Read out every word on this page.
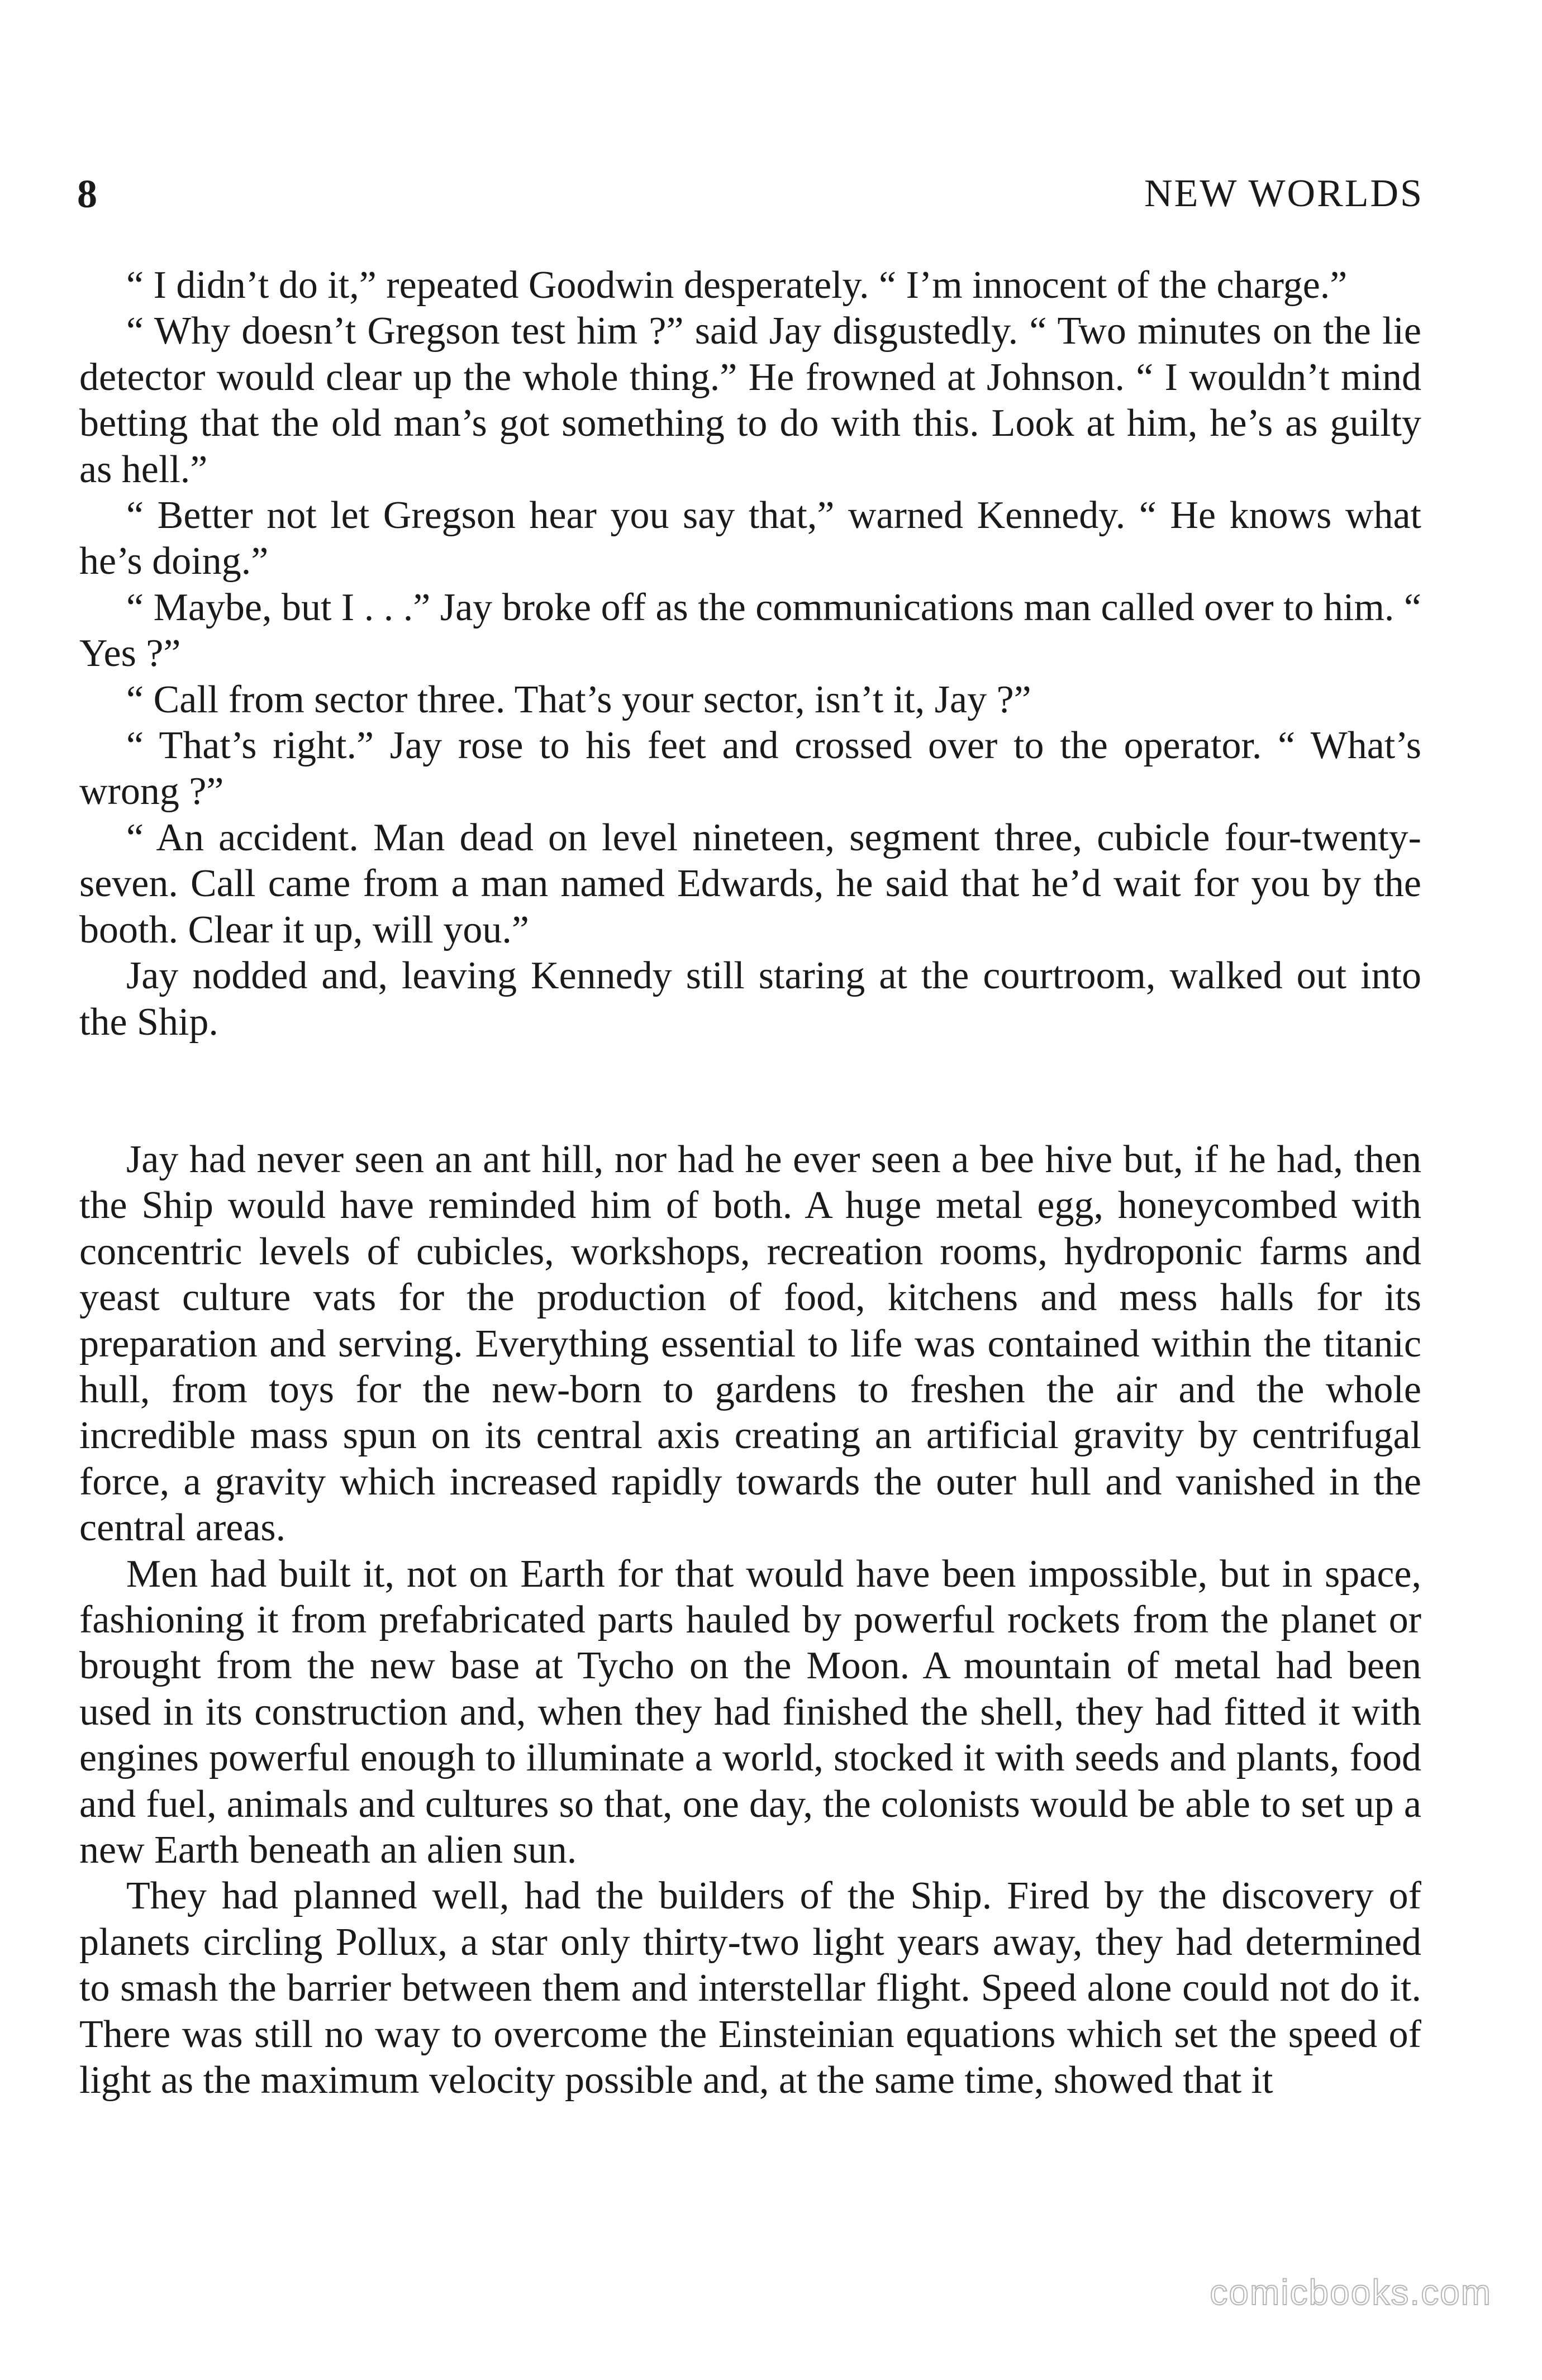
8	NEW WORLDS

“ I didn’t do it,” repeated Goodwin desperately. “ I’m innocent of the charge.”

“ Why doesn’t Gregson test him ?” said Jay disgustedly. “ Two minutes on the lie detector would clear up the whole thing.” He frowned at Johnson. “ I wouldn’t mind betting that the old man’s got something to do with this. Look at him, he’s as guilty as hell.”

“ Better not let Gregson hear you say that,” warned Kennedy. “ He knows what he’s doing.”

“ Maybe, but I . . .” Jay broke off as the communications man called over to him. “ Yes ?”

“ Call from sector three. That’s your sector, isn’t it, Jay ?”

“ That’s right.” Jay rose to his feet and crossed over to the operator. “ What’s wrong ?”

“ An accident. Man dead on level nineteen, segment three, cubicle four-twenty-seven. Call came from a man named Edwards, he said that he’d wait for you by the booth. Clear it up, will you.”

Jay nodded and, leaving Kennedy still staring at the courtroom, walked out into the Ship.

Jay had never seen an ant hill, nor had he ever seen a bee hive but, if he had, then the Ship would have reminded him of both. A huge metal egg, honeycombed with concentric levels of cubicles, workshops, recreation rooms, hydroponic farms and yeast culture vats for the production of food, kitchens and mess halls for its preparation and serving. Everything essential to life was contained within the titanic hull, from toys for the new-born to gardens to freshen the air and the whole incredible mass spun on its central axis creating an artificial gravity by centrifugal force, a gravity which increased rapidly towards the outer hull and vanished in the central areas.

Men had built it, not on Earth for that would have been impossible, but in space, fashioning it from prefabricated parts hauled by powerful rockets from the planet or brought from the new base at Tycho on the Moon. A mountain of metal had been used in its construction and, when they had finished the shell, they had fitted it with engines powerful enough to illuminate a world, stocked it with seeds and plants, food and fuel, animals and cultures so that, one day, the colonists would be able to set up a new Earth beneath an alien sun.

They had planned well, had the builders of the Ship. Fired by the discovery of planets circling Pollux, a star only thirty-two light years away, they had determined to smash the barrier between them and interstellar flight. Speed alone could not do it. There was still no way to overcome the Einsteinian equations which set the speed of light as the maximum velocity possible and, at the same time, showed that it

comicbooks.com
